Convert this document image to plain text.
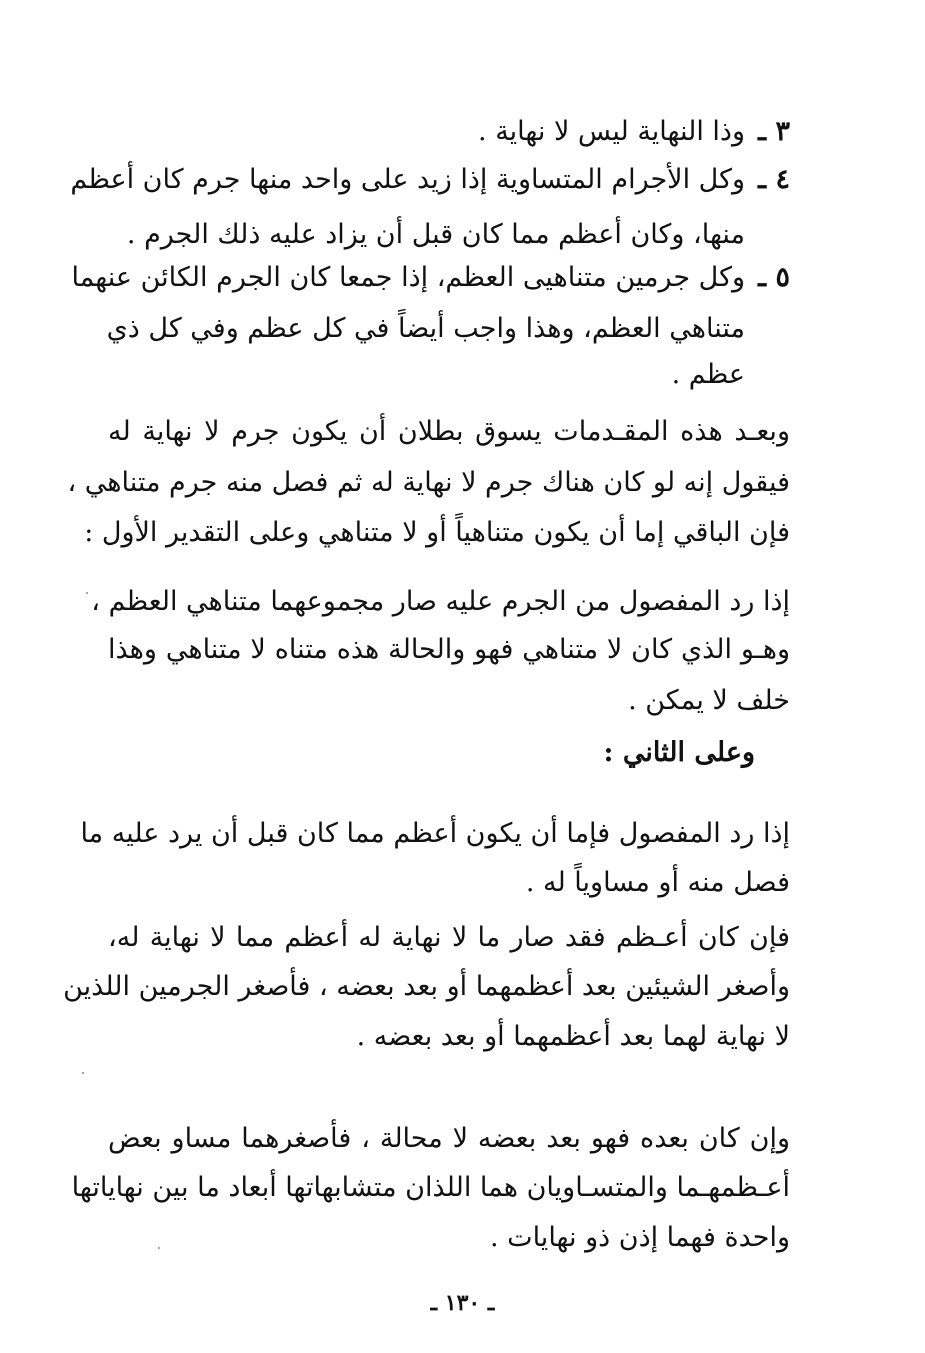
٣ ـ
وذا النهاية ليس لا نهاية .
٤ ـ
وكل الأجرام المتساوية إذا زيد على واحد منها جرم كان أعظم
منها، وكان أعظم مما كان قبل أن يزاد عليه ذلك الجرم .
٥ ـ
وكل جرمين متناهيى العظم، إذا جمعا كان الجرم الكائن عنهما
متناهي العظم، وهذا واجب أيضاً في كل عظم وفي كل ذي
عظم .
وبعـد هذه المقـدمات يسوق بطلان أن يكون جرم لا نهاية له
فيقول إنه لو كان هناك جرم لا نهاية له ثم فصل منه جرم متناهي ،
فإن الباقي إما أن يكون متناهياً أو لا متناهي وعلى التقدير الأول :
إذا رد المفصول من الجرم عليه صار مجموعهما متناهي العظم ،
وهـو الذي كان لا متناهي فهو والحالة هذه متناه لا متناهي وهذا
خلف لا يمكن .
وعلى الثاني :
إذا رد المفصول فإما أن يكون أعظم مما كان قبل أن يرد عليه ما
فصل منه أو مساوياً له .
فإن كان أعـظم فقد صار ما لا نهاية له أعظم مما لا نهاية له،
وأصغر الشيئين بعد أعظمهما أو بعد بعضه ، فأصغر الجرمين اللذين
لا نهاية لهما بعد أعظمهما أو بعد بعضه .
وإن كان بعده فهو بعد بعضه لا محالة ، فأصغرهما مساو بعض
أعـظمهـما والمتسـاويان هما اللذان متشابهاتها أبعاد ما بين نهاياتها
واحدة فهما إذن ذو نهايات .
ـ ١٣٠ ـ
